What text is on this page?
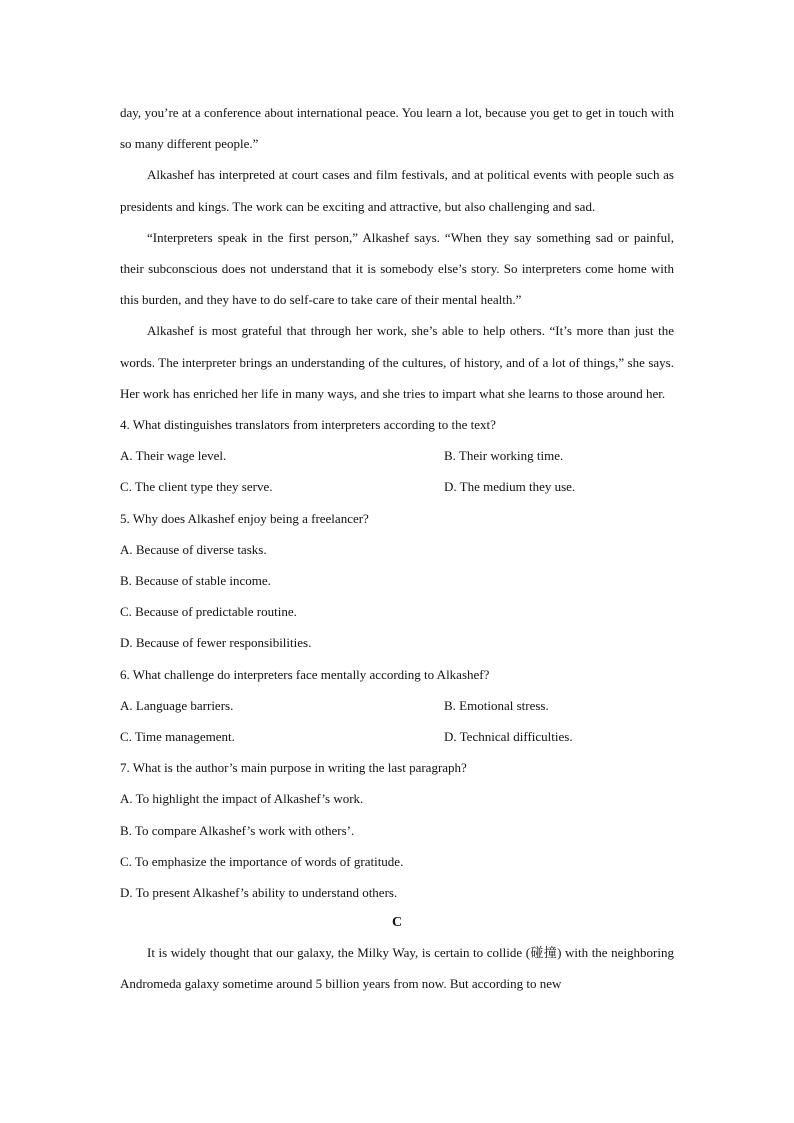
day, you’re at a conference about international peace. You learn a lot, because you get to get in touch with so many different people.”

Alkashef has interpreted at court cases and film festivals, and at political events with people such as presidents and kings. The work can be exciting and attractive, but also challenging and sad.

“Interpreters speak in the first person,” Alkashef says. “When they say something sad or painful, their subconscious does not understand that it is somebody else’s story. So interpreters come home with this burden, and they have to do self-care to take care of their mental health.”

Alkashef is most grateful that through her work, she’s able to help others. “It’s more than just the words. The interpreter brings an understanding of the cultures, of history, and of a lot of things,” she says. Her work has enriched her life in many ways, and she tries to impart what she learns to those around her.

4. What distinguishes translators from interpreters according to the text?

A. Their wage level.	B. Their working time.
C. The client type they serve.	D. The medium they use.

5. Why does Alkashef enjoy being a freelancer?

A. Because of diverse tasks.

B. Because of stable income.

C. Because of predictable routine.

D. Because of fewer responsibilities.

6. What challenge do interpreters face mentally according to Alkashef?

A. Language barriers.	B. Emotional stress.
C. Time management.	D. Technical difficulties.

7. What is the author’s main purpose in writing the last paragraph?

A. To highlight the impact of Alkashef’s work.

B. To compare Alkashef’s work with others’.

C. To emphasize the importance of words of gratitude.

D. To present Alkashef’s ability to understand others.

C

It is widely thought that our galaxy, the Milky Way, is certain to collide (碰撞) with the neighboring Andromeda galaxy sometime around 5 billion years from now. But according to new
